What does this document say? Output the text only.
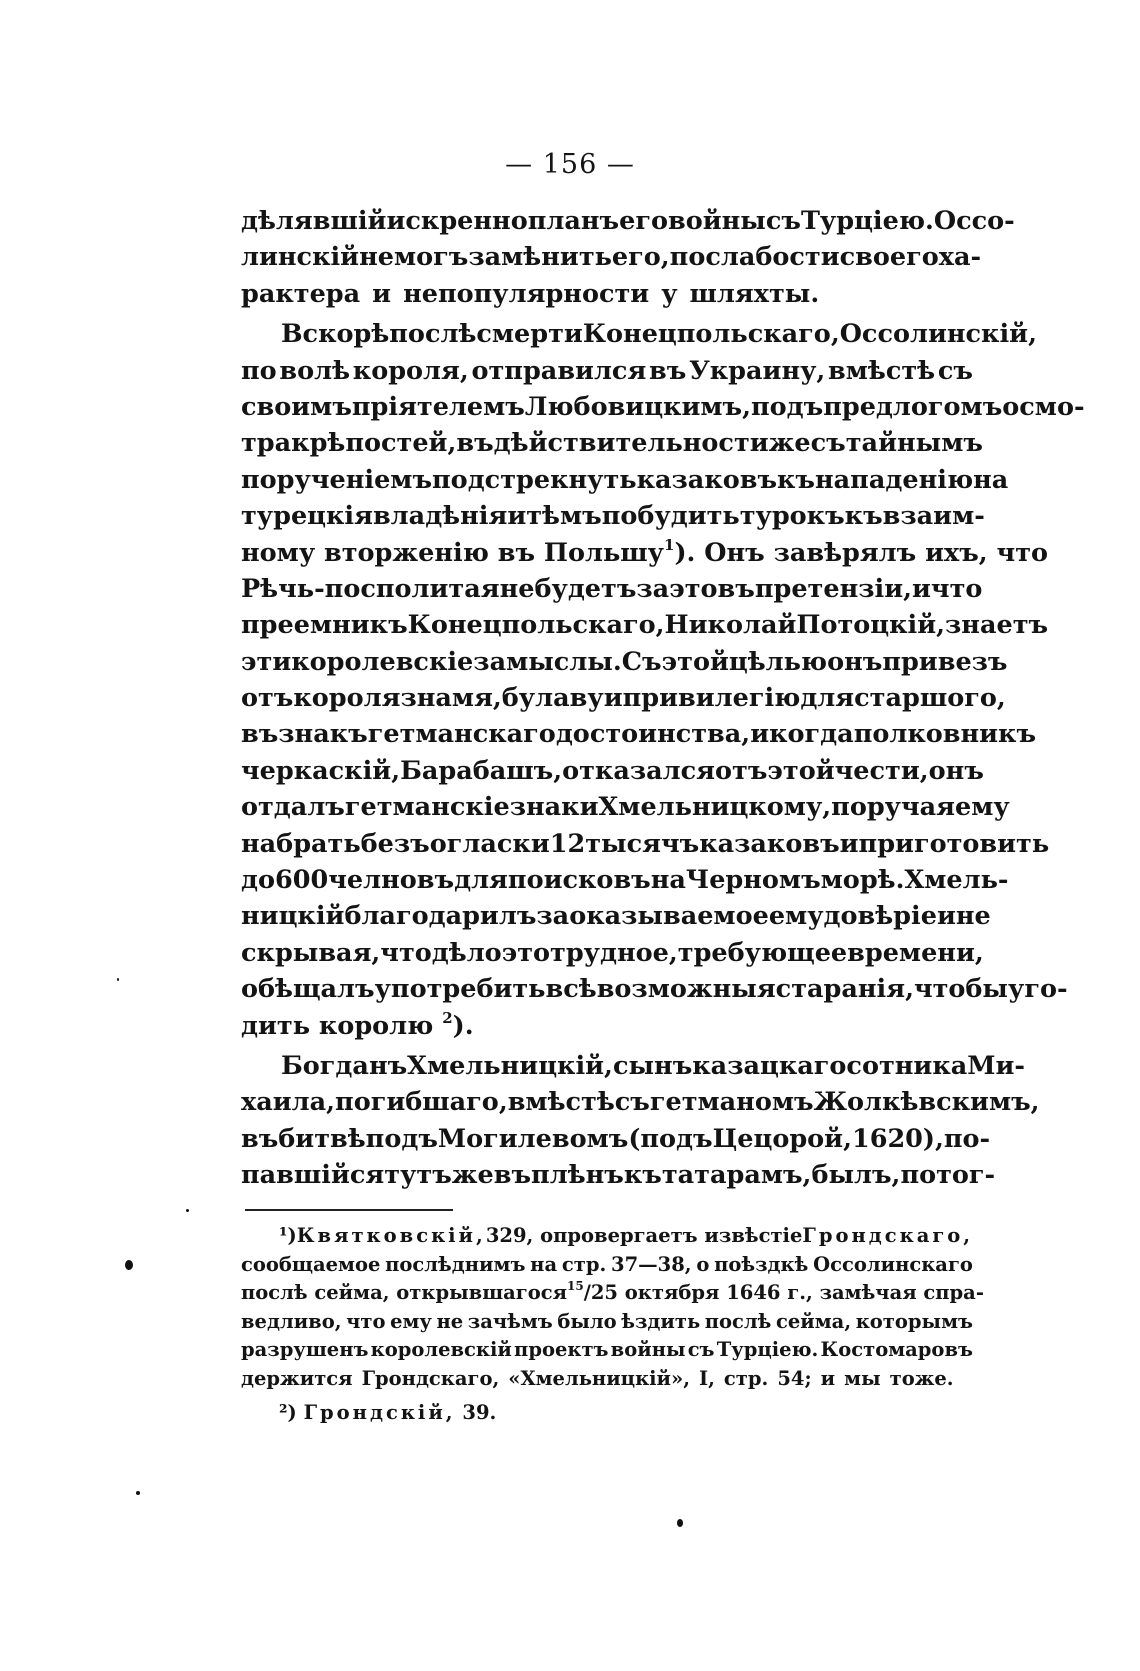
— 156 —
дѣлявшій искренно планъ его войны съ Турціею. Оссо-
линскій не могъ замѣнить его, по слабости своего ха-
рактера и непопулярности у шляхты.
Вскорѣ послѣ смерти Конецпольскаго, Оссолинскій,
по волѣ короля, отправился въ Украину, вмѣстѣ съ
своимъ пріятелемъ Любовицкимъ, подъ предлогомъ осмо-
тра крѣпостей, въ дѣйствительности же съ тайнымъ
порученіемъ подстрекнуть казаковъ къ нападенію на
турецкія владѣнія и тѣмъ побудить турокъ къ взаим-
ному вторженію въ Польшу $^1$). Онъ завѣрялъ ихъ, что
Рѣчь-посполитая не будетъ за это въ претензіи, и что
преемникъ Конецпольскаго, Николай Потоцкій, знаетъ
эти королевскіе замыслы. Съ этой цѣлью онъ привезъ
отъ короля знамя, булаву и привилегію для старшого,
въ знакъ гетманскаго достоинства, и когда полковникъ
черкаскій, Барабашъ, отказался отъ этой чести, онъ
отдалъ гетманскіе знаки Хмельницкому, поручая ему
набрать безъ огласки 12 тысячъ казаковъ и приготовить
до 600 челновъ для поисковъ на Черномъ морѣ. Хмель-
ницкій благодарилъ за оказываемое ему довѣріе и не
скрывая, что дѣло это трудное, требующее времени,
обѣщалъ употребить всѣ возможныя старанія, чтобы уго-
дить королю $^2$).
Богданъ Хмельницкій, сынъ казацкаго сотника Ми-
хаила, погибшаго, вмѣстѣ съ гетманомъ Жолкѣвскимъ,
въ битвѣ подъ Могилевомъ (подъ Цецорой, 1620), по-
павшійся тутъ же въ плѣнъ къ татарамъ, былъ, по тог-
¹) Квятковскій, 329, опровергаетъ извѣстіе Грондскаго,
сообщаемое послѣднимъ на стр. 37—38, о поѣздкѣ Оссолинскаго
послѣ сейма, открывшагося $^{15}$/25 октября 1646 г., замѣчая спра-
ведливо, что ему не зачѣмъ было ѣздить послѣ сейма, которымъ
разрушенъ королевскій проектъ войны съ Турціею. Костомаровъ
держится Грондскаго, «Хмельницкій», I, стр. 54; и мы тоже.
²)
Грондскій,
39.
